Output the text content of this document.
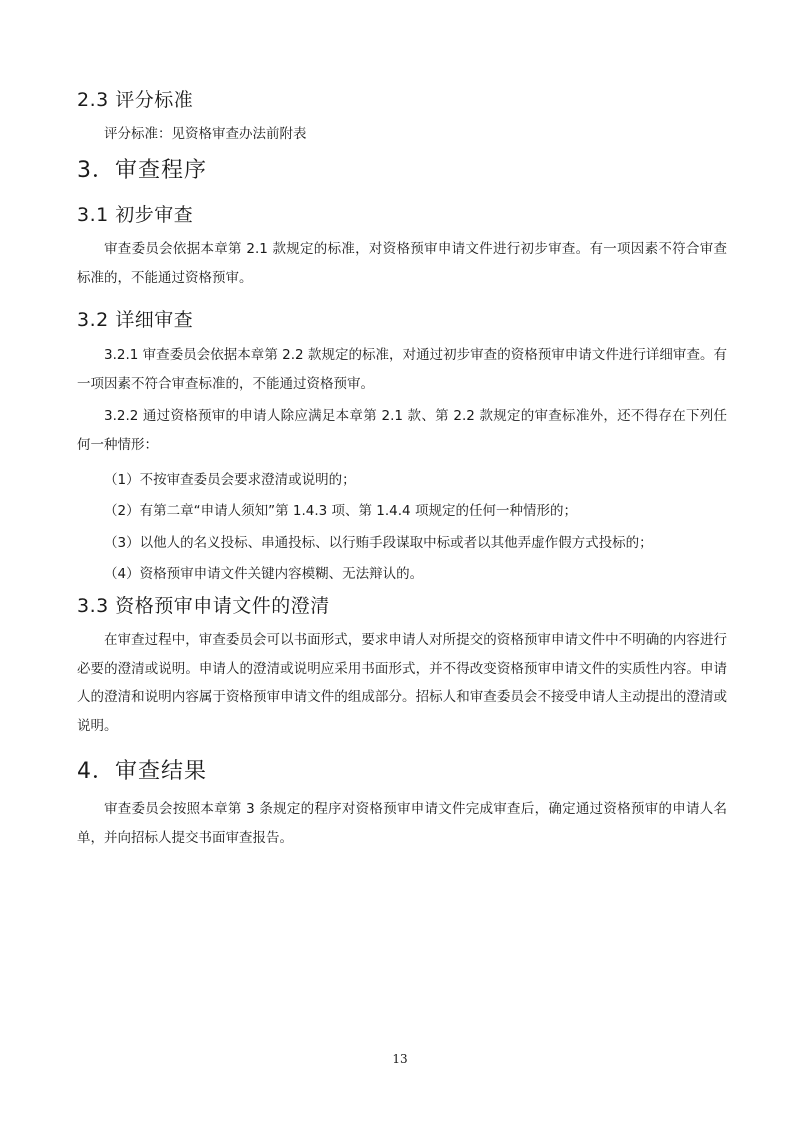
2.3 评分标准
评分标准：见资格审查办法前附表
3．审查程序
3.1 初步审查
审查委员会依据本章第 2.1 款规定的标准，对资格预审申请文件进行初步审查。有一项因素不符合审查标准的，不能通过资格预审。
3.2 详细审查
3.2.1 审查委员会依据本章第 2.2 款规定的标准，对通过初步审查的资格预审申请文件进行详细审查。有一项因素不符合审查标准的，不能通过资格预审。
3.2.2 通过资格预审的申请人除应满足本章第 2.1 款、第 2.2 款规定的审查标准外，还不得存在下列任何一种情形：
（1）不按审查委员会要求澄清或说明的；
（2）有第二章“申请人须知”第 1.4.3 项、第 1.4.4 项规定的任何一种情形的；
（3）以他人的名义投标、串通投标、以行贿手段谋取中标或者以其他弄虚作假方式投标的；
（4）资格预审申请文件关键内容模糊、无法辩认的。
3.3 资格预审申请文件的澄清
在审查过程中，审查委员会可以书面形式，要求申请人对所提交的资格预审申请文件中不明确的内容进行必要的澄清或说明。申请人的澄清或说明应采用书面形式，并不得改变资格预审申请文件的实质性内容。申请人的澄清和说明内容属于资格预审申请文件的组成部分。招标人和审查委员会不接受申请人主动提出的澄清或说明。
4．审查结果
审查委员会按照本章第 3 条规定的程序对资格预审申请文件完成审查后，确定通过资格预审的申请人名单，并向招标人提交书面审查报告。
13
